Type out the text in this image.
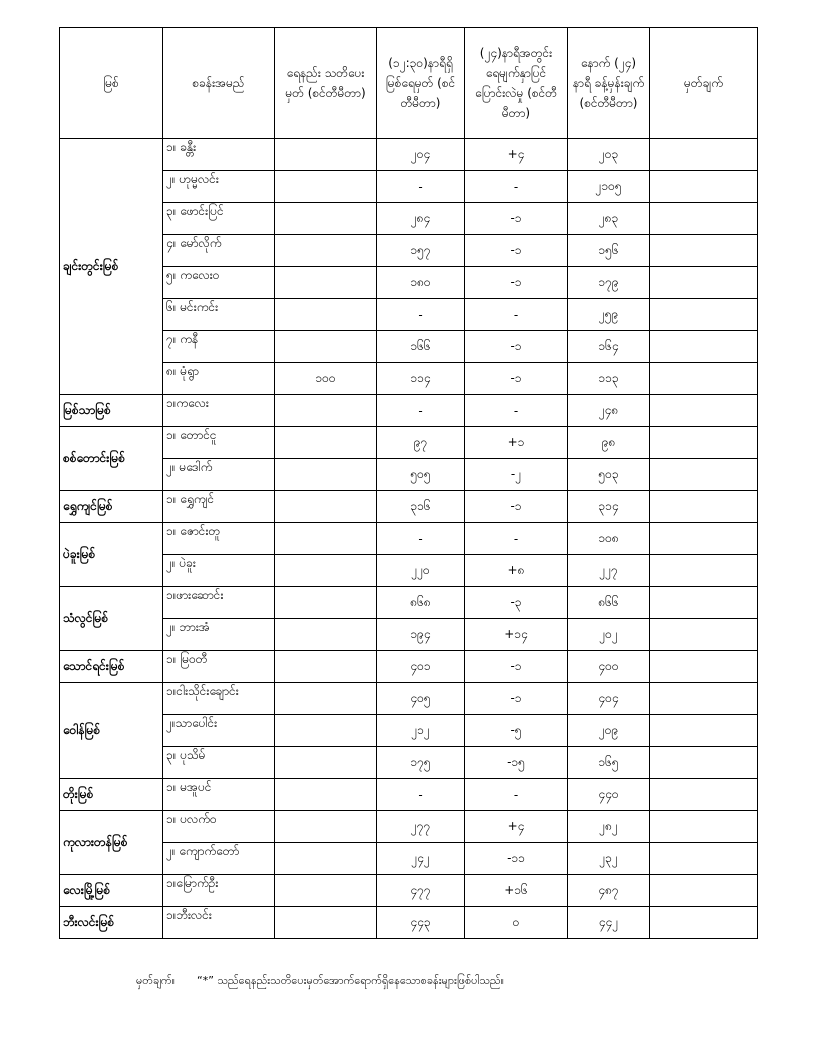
မြစ်	စခန်းအမည်	ရေနည်း သတိပေးမှတ် (စင်တီမီတာ)	(၁၂:၃၀)နာရီရှိ မြစ်ရေမှတ် (စင်တီမီတာ)	(၂၄)နာရီအတွင်း ရေမျက်နှာပြင် ပြောင်းလဲမှု (စင်တီမီတာ)	နောက် (၂၄) နာရီ ခန့်မှန်းချက် (စင်တီမီတာ)	မှတ်ချက်
ချင်းတွင်းမြစ်	၁။ ခန္တီး		၂၀၄	+၄	၂၀၃	
	၂။ ဟုမ္မလင်း		-	-	၂၁၀၅	
	၃။ ဖောင်းပြင်		၂၈၄	-၁	၂၈၃	
	၄။ မော်လိုက်		၁၅၇	-၁	၁၅၆	
	၅။ ကလေးဝ		၁၈၀	-၁	၁၇၉	
	၆။ မင်းကင်း		-	-	၂၅၉	
	၇။ ကနီ		၁၆၆	-၁	၁၆၄	
	၈။ မုံရွာ	၁၀၀	၁၁၄	-၁	၁၁၃	
မြစ်သာမြစ်	၁။ကလေး		-	-	၂၄၈	
စစ်တောင်းမြစ်	၁။ တောင်ငူ		၉၇	+၁	၉၈	
	၂။ မဒေါက်		၅၀၅	-၂	၅၀၃	
ရွှေကျင်မြစ်	၁။ ရွှေကျင်		၃၁၆	-၁	၃၁၄	
ပဲခူးမြစ်	၁။ ဇောင်းတူ		-	-	၁၀၈	
	၂။ ပဲခူး		၂၂၀	+၈	၂၂၇	
သံလွင်မြစ်	၁။ဖားဆောင်း		၈၆၈	-၃	၈၆၆	
	၂။ ဘားအံ		၁၉၄	+၁၄	၂၀၂	
သောင်ရင်းမြစ်	၁။ မြဝတီ		၄၀၁	-၁	၄၀၀	
ဝေါန်မြစ်	၁။ငါးသိုင်းချောင်း		၄၀၅	-၁	၄၀၄	
	၂။သာပေါင်း		၂၁၂	-၅	၂၀၉	
	၃။ ပုသိမ်		၁၇၅	-၁၅	၁၆၅	
တိုးမြစ်	၁။ မအူပင်		-	-	၄၄၀	
ကုလားတန်မြစ်	၁။ ပလက်ဝ		၂၇၇	+၄	၂၈၂	
	၂။ ကျောက်တော်		၂၄၂	-၁၁	၂၃၂	
လေးမြို့မြစ်	၁။မြောက်ဦး		၄၇၇	+၁၆	၄၈၇	
ဘီးလင်းမြစ်	၁။ဘီးလင်း		၄၄၃	၀	၄၄၂	
မှတ်ချက်။ “*” သည်ရေနည်းသတိပေးမှတ်အောက်ရောက်ရှိနေသောစခန်းများဖြစ်ပါသည်။
